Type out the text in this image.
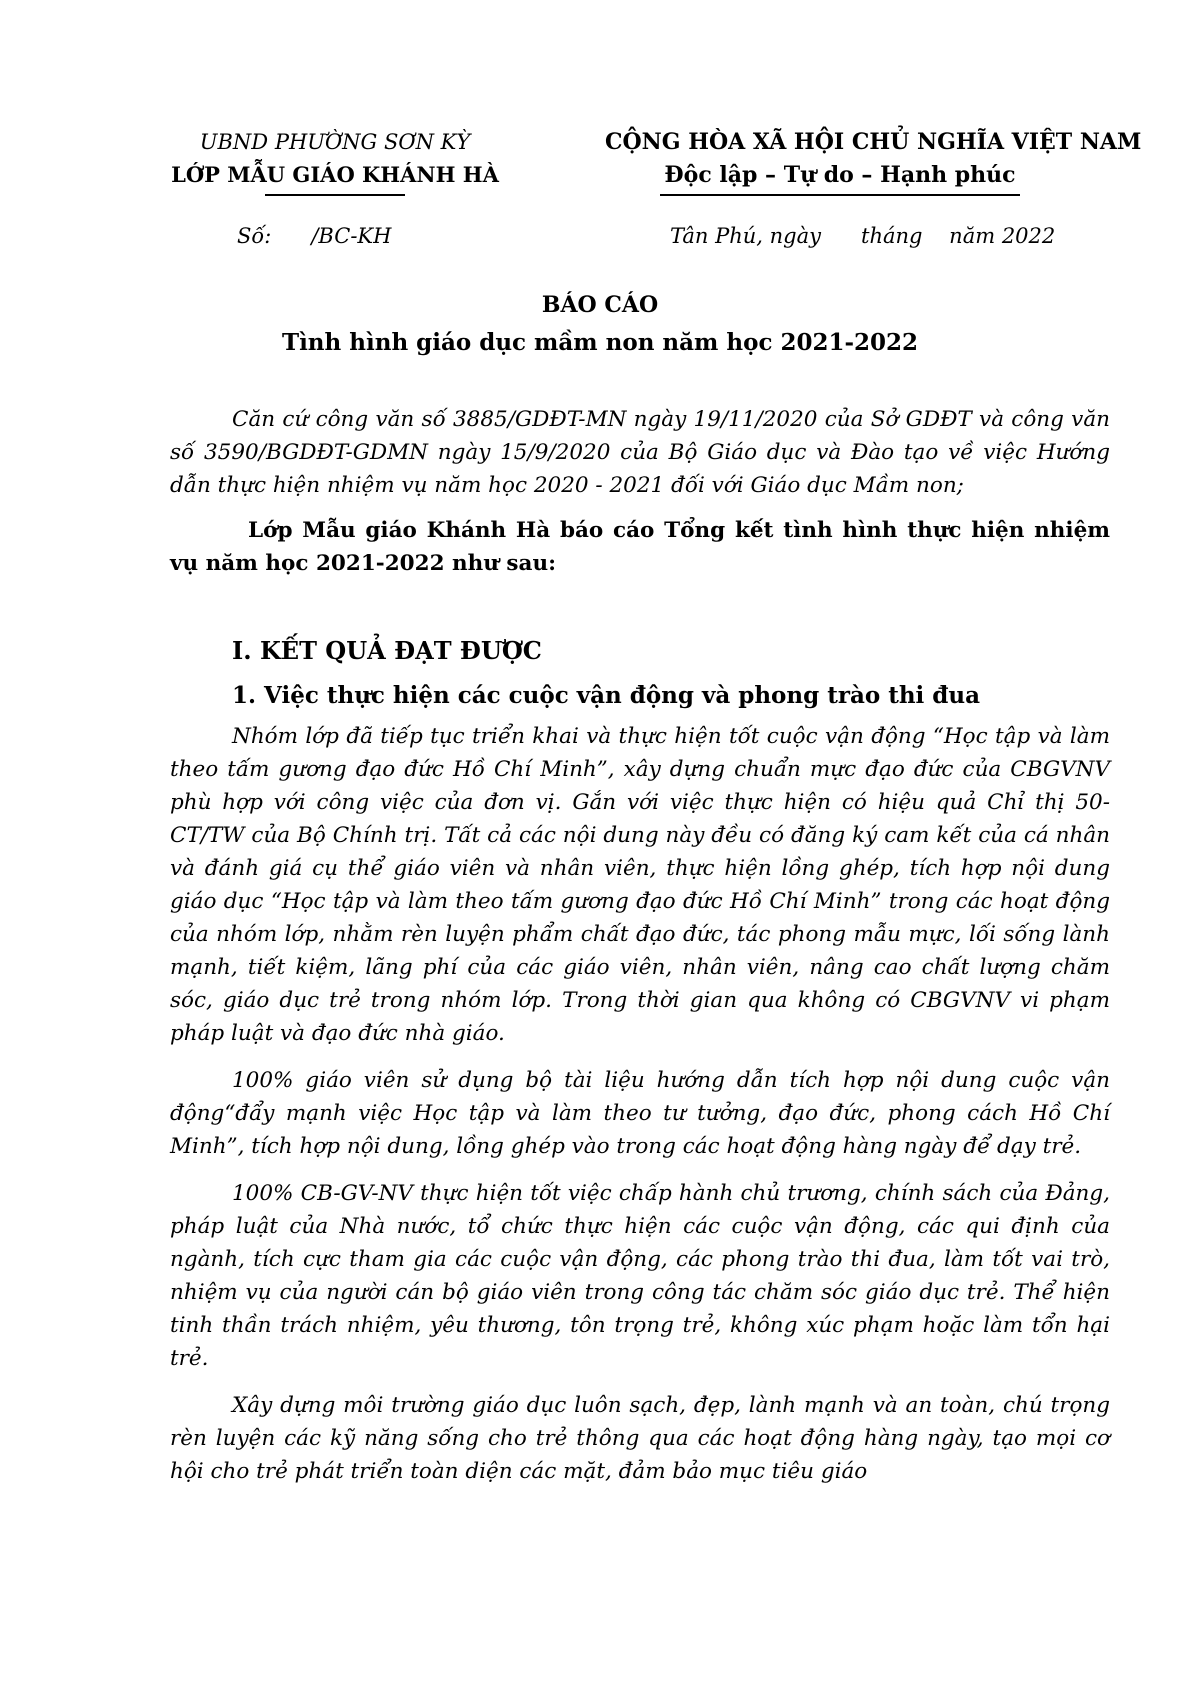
UBND PHƯỜNG SƠN KỲ
LỚP MẪU GIÁO KHÁNH HÀ
CỘNG HÒA XÃ HỘI CHỦ NGHĨA VIỆT NAM
Độc lập – Tự do – Hạnh phúc
Số:      /BC-KH	Tân Phú, ngày      tháng    năm 2022
BÁO CÁO
Tình hình giáo dục mầm non năm học 2021-2022

Căn cứ công văn số 3885/GDĐT-MN ngày 19/11/2020 của Sở GDĐT và công văn số 3590/BGDĐT-GDMN ngày 15/9/2020 của Bộ Giáo dục và Đào tạo về việc Hướng dẫn thực hiện nhiệm vụ năm học 2020 - 2021 đối với Giáo dục Mầm non;

Lớp Mẫu giáo Khánh Hà báo cáo Tổng kết tình hình thực hiện nhiệm vụ năm học 2021-2022 như sau:

I. KẾT QUẢ ĐẠT ĐƯỢC
1. Việc thực hiện các cuộc vận động và phong trào thi đua

Nhóm lớp đã tiếp tục triển khai và thực hiện tốt cuộc vận động “Học tập và làm theo tấm gương đạo đức Hồ Chí Minh”, xây dựng chuẩn mực đạo đức của CBGVNV phù hợp với công việc của đơn vị. Gắn với việc thực hiện có hiệu quả Chỉ thị 50-CT/TW của Bộ Chính trị. Tất cả các nội dung này đều có đăng ký cam kết của cá nhân và đánh giá cụ thể giáo viên và nhân viên, thực hiện lồng ghép, tích hợp nội dung giáo dục “Học tập và làm theo tấm gương đạo đức Hồ Chí Minh” trong các hoạt động của nhóm lớp, nhằm rèn luyện phẩm chất đạo đức, tác phong mẫu mực, lối sống lành mạnh, tiết kiệm, lãng phí của các giáo viên, nhân viên, nâng cao chất lượng chăm sóc, giáo dục trẻ trong nhóm lớp. Trong thời gian qua không có CBGVNV vi phạm pháp luật và đạo đức nhà giáo.

100% giáo viên sử dụng bộ tài liệu hướng dẫn tích hợp nội dung cuộc vận động“đẩy mạnh việc Học tập và làm theo tư tưởng, đạo đức, phong cách Hồ Chí Minh”, tích hợp nội dung, lồng ghép vào trong các hoạt động hàng ngày để dạy trẻ.

100% CB-GV-NV thực hiện tốt việc chấp hành chủ trương, chính sách của Đảng, pháp luật của Nhà nước, tổ chức thực hiện các cuộc vận động, các qui định của ngành, tích cực tham gia các cuộc vận động, các phong trào thi đua, làm tốt vai trò, nhiệm vụ của người cán bộ giáo viên trong công tác chăm sóc giáo dục trẻ. Thể hiện tinh thần trách nhiệm, yêu thương, tôn trọng trẻ, không xúc phạm hoặc làm tổn hại trẻ.

Xây dựng môi trường giáo dục luôn sạch, đẹp, lành mạnh và an toàn, chú trọng rèn luyện các kỹ năng sống cho trẻ thông qua các hoạt động hàng ngày, tạo mọi cơ hội cho trẻ phát triển toàn diện các mặt, đảm bảo mục tiêu giáo
